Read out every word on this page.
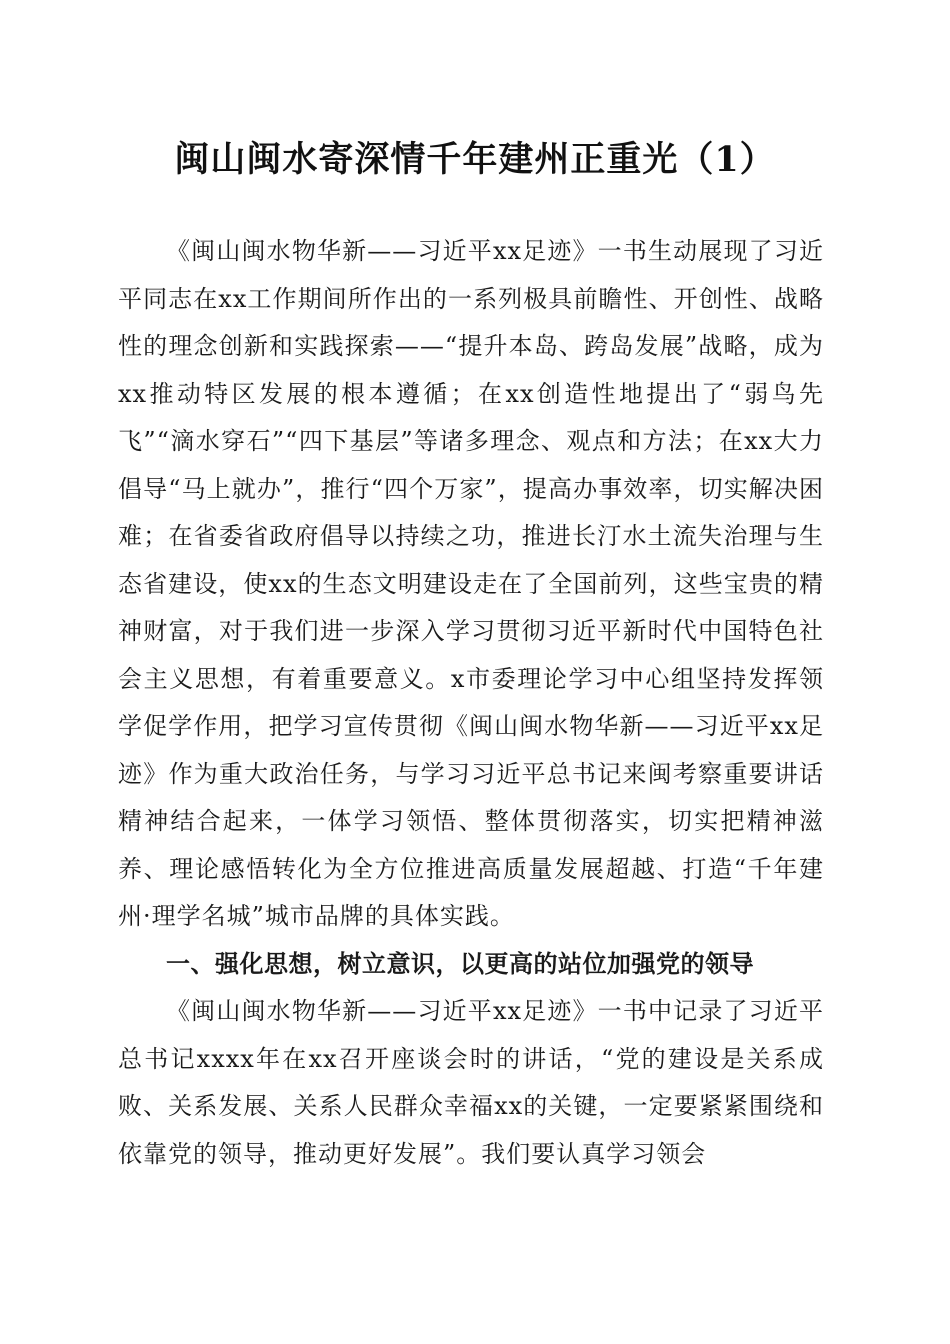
闽山闽水寄深情千年建州正重光（1）

《闽山闽水物华新——习近平xx足迹》一书生动展现了习近平同志在xx工作期间所作出的一系列极具前瞻性、开创性、战略性的理念创新和实践探索——“提升本岛、跨岛发展”战略，成为xx推动特区发展的根本遵循；在xx创造性地提出了“弱鸟先飞”“滴水穿石”“四下基层”等诸多理念、观点和方法；在xx大力倡导“马上就办”，推行“四个万家”，提高办事效率，切实解决困难；在省委省政府倡导以持续之功，推进长汀水土流失治理与生态省建设，使xx的生态文明建设走在了全国前列，这些宝贵的精神财富，对于我们进一步深入学习贯彻习近平新时代中国特色社会主义思想，有着重要意义。x市委理论学习中心组坚持发挥领学促学作用，把学习宣传贯彻《闽山闽水物华新——习近平xx足迹》作为重大政治任务，与学习习近平总书记来闽考察重要讲话精神结合起来，一体学习领悟、整体贯彻落实，切实把精神滋养、理论感悟转化为全方位推进高质量发展超越、打造“千年建州·理学名城”城市品牌的具体实践。

一、强化思想，树立意识，以更高的站位加强党的领导

《闽山闽水物华新——习近平xx足迹》一书中记录了习近平总书记xxxx年在xx召开座谈会时的讲话，“党的建设是关系成败、关系发展、关系人民群众幸福xx的关键，一定要紧紧围绕和依靠党的领导，推动更好发展”。我们要认真学习领会
